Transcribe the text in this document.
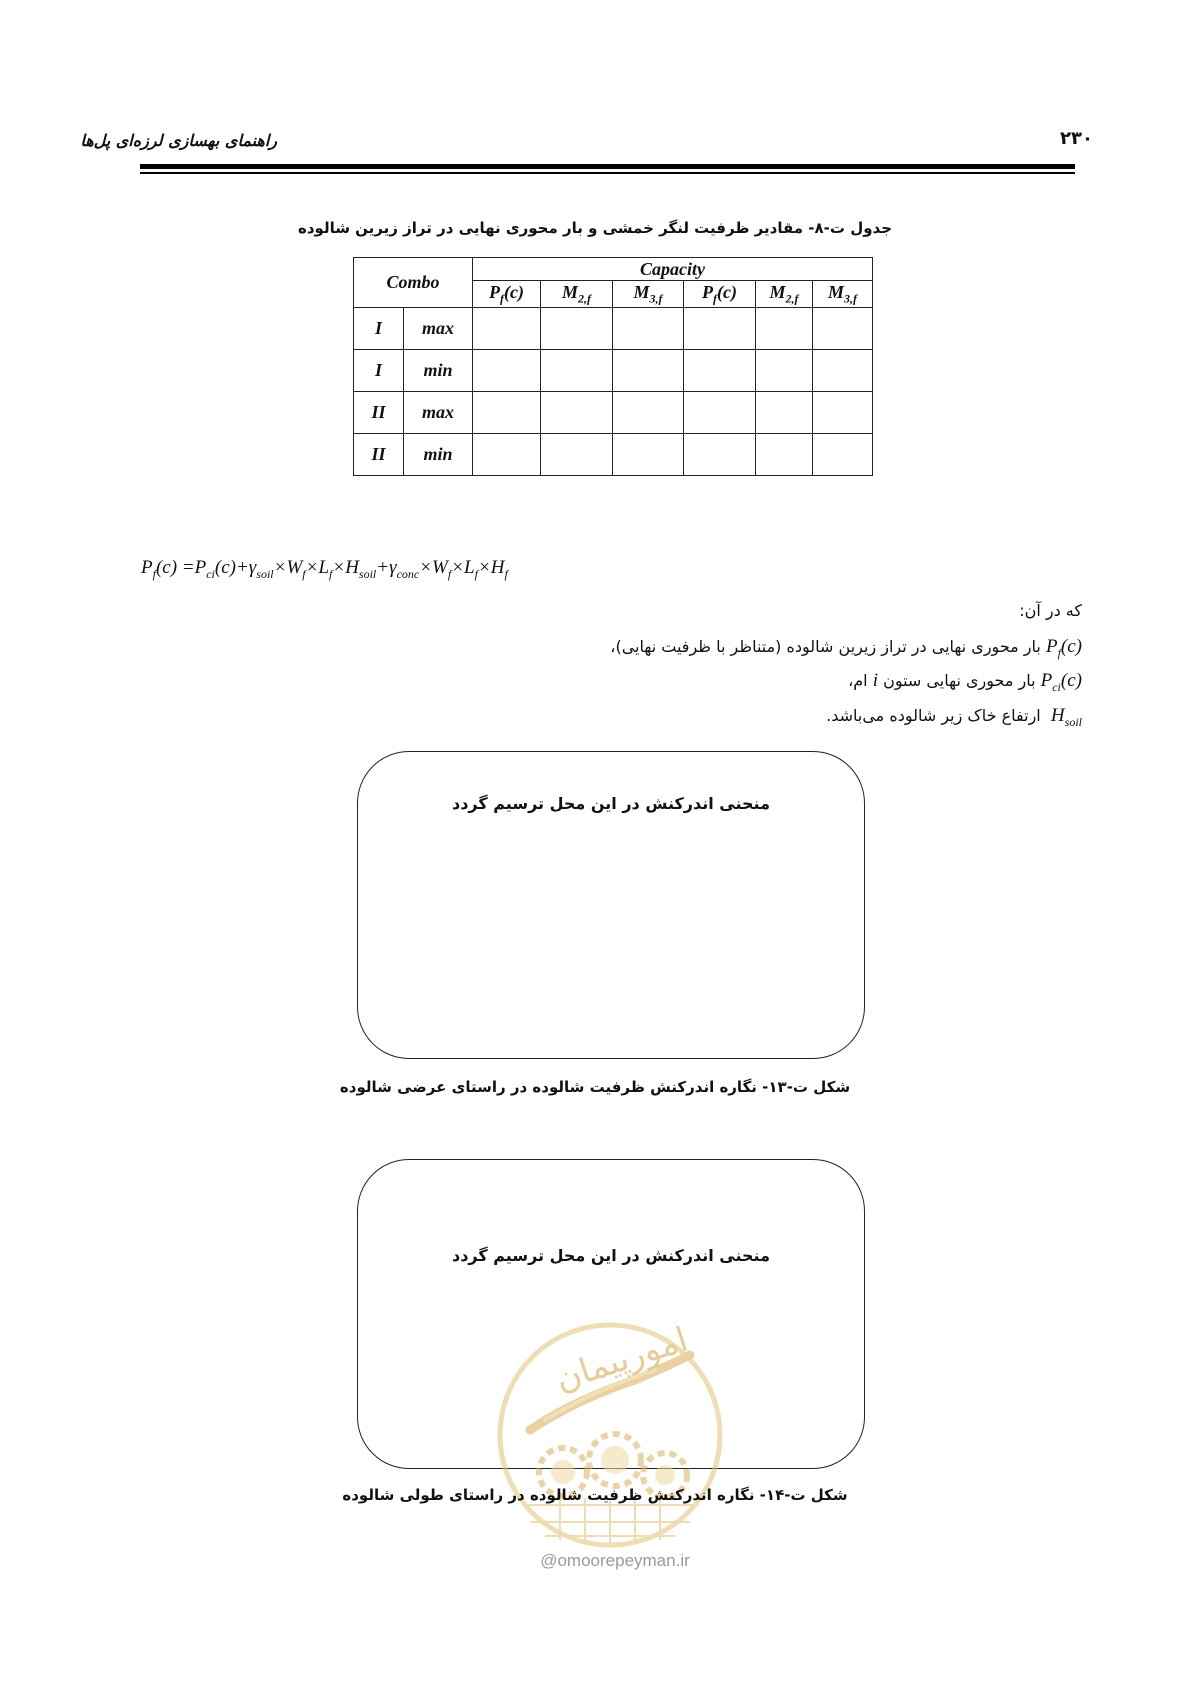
راهنمای بهسازی لرزه‌ای پل‌ها	۲۳۰
جدول ت-۸- مقادیر ظرفیت لنگر خمشی و بار محوری نهایی در تراز زیرین شالوده
Combo		Capacity					
		$P_f(c)$	$M_{2,f}$	$M_{3,f}$	$P_f(c)$	$M_{2,f}$	$M_{3,f}$
I	max						
I	min						
II	max						
II	min						
$P_f(c) =P_{ci}(c)+\gamma_{soil}\times W_f\times L_f\times H_{soil}+\gamma_{conc}\times W_f\times L_f\times H_f$
که در آن:
$P_f(c)$ بار محوری نهایی در تراز زیرین شالوده (متناظر با ظرفیت نهایی)،
$P_{ci}(c)$ بار محوری نهایی ستون i ام،
$H_{soil}$  ارتفاع خاک زیر شالوده می‌باشد.
منحنی اندرکنش در این محل ترسیم گردد
شکل ت-۱۳- نگاره اندرکنش ظرفیت شالوده در راستای عرضی شالوده
منحنی اندرکنش در این محل ترسیم گردد
امورپیمان
شکل ت-۱۴- نگاره اندرکنش ظرفیت شالوده در راستای طولی شالوده
@omoorepeyman.ir
